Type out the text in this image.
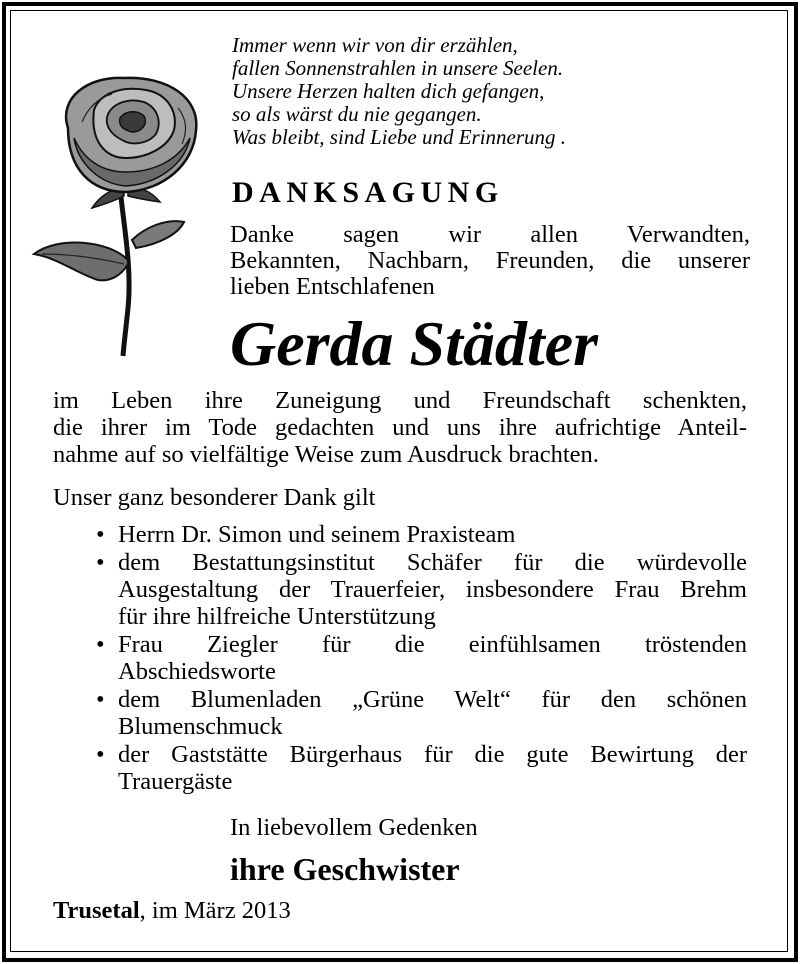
Immer wenn wir von dir erzählen,
fallen Sonnenstrahlen in unsere Seelen.
Unsere Herzen halten dich gefangen,
so als wärst du nie gegangen.
Was bleibt, sind Liebe und Erinnerung .
DANKSAGUNG
Danke sagen wir allen Verwandten,
Bekannten, Nachbarn, Freunden, die unserer
lieben Entschlafenen
Gerda Städter
im Leben ihre Zuneigung und Freundschaft schenkten,
die ihrer im Tode gedachten und uns ihre aufrichtige Anteil-
nahme auf so vielfältige Weise zum Ausdruck brachten.
Unser ganz besonderer Dank gilt
• Herrn Dr. Simon und seinem Praxisteam
• dem Bestattungsinstitut Schäfer für die würdevolle
Ausgestaltung der Trauerfeier, insbesondere Frau Brehm
für ihre hilfreiche Unterstützung
• Frau Ziegler für die einfühlsamen tröstenden
Abschiedsworte
• dem Blumenladen „Grüne Welt“ für den schönen
Blumenschmuck
• der Gaststätte Bürgerhaus für die gute Bewirtung der
Trauergäste
In liebevollem Gedenken
ihre Geschwister
Trusetal, im März 2013
